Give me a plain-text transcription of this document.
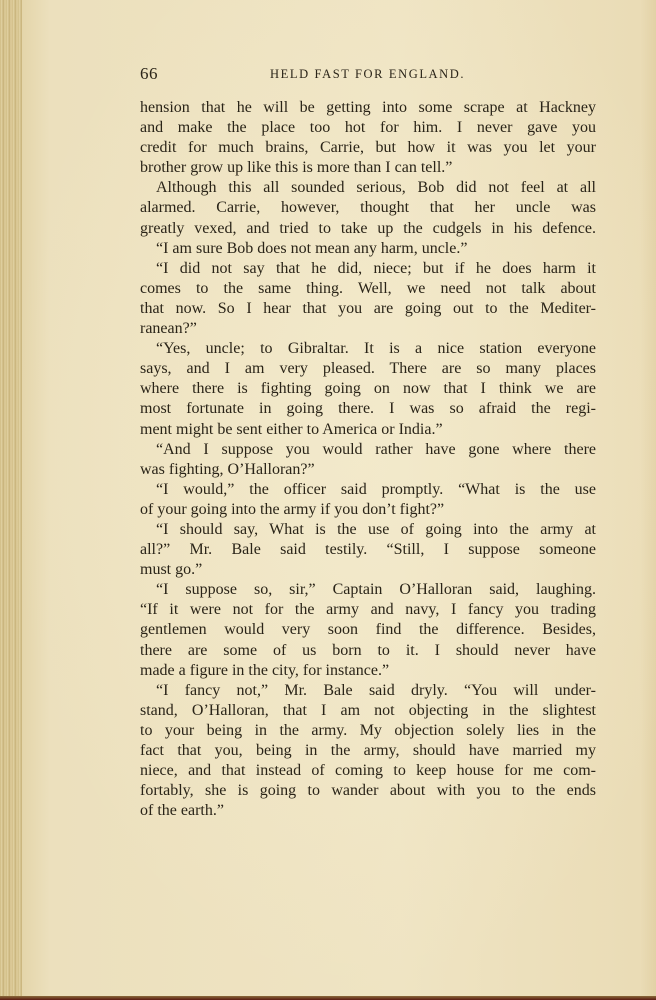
66	HELD FAST FOR ENGLAND.
hension that he will be getting into some scrape at Hackney
and make the place too hot for him. I never gave you
credit for much brains, Carrie, but how it was you let your
brother grow up like this is more than I can tell.”
Although this all sounded serious, Bob did not feel at all
alarmed. Carrie, however, thought that her uncle was
greatly vexed, and tried to take up the cudgels in his defence.
“I am sure Bob does not mean any harm, uncle.”
“I did not say that he did, niece; but if he does harm it
comes to the same thing. Well, we need not talk about
that now. So I hear that you are going out to the Mediter-
ranean?”
“Yes, uncle; to Gibraltar. It is a nice station everyone
says, and I am very pleased. There are so many places
where there is fighting going on now that I think we are
most fortunate in going there. I was so afraid the regi-
ment might be sent either to America or India.”
“And I suppose you would rather have gone where there
was fighting, O’Halloran?”
“I would,” the officer said promptly. “What is the use
of your going into the army if you don’t fight?”
“I should say, What is the use of going into the army at
all?” Mr. Bale said testily. “Still, I suppose someone
must go.”
“I suppose so, sir,” Captain O’Halloran said, laughing.
“If it were not for the army and navy, I fancy you trading
gentlemen would very soon find the difference. Besides,
there are some of us born to it. I should never have
made a figure in the city, for instance.”
“I fancy not,” Mr. Bale said dryly. “You will under-
stand, O’Halloran, that I am not objecting in the slightest
to your being in the army. My objection solely lies in the
fact that you, being in the army, should have married my
niece, and that instead of coming to keep house for me com-
fortably, she is going to wander about with you to the ends
of the earth.”
